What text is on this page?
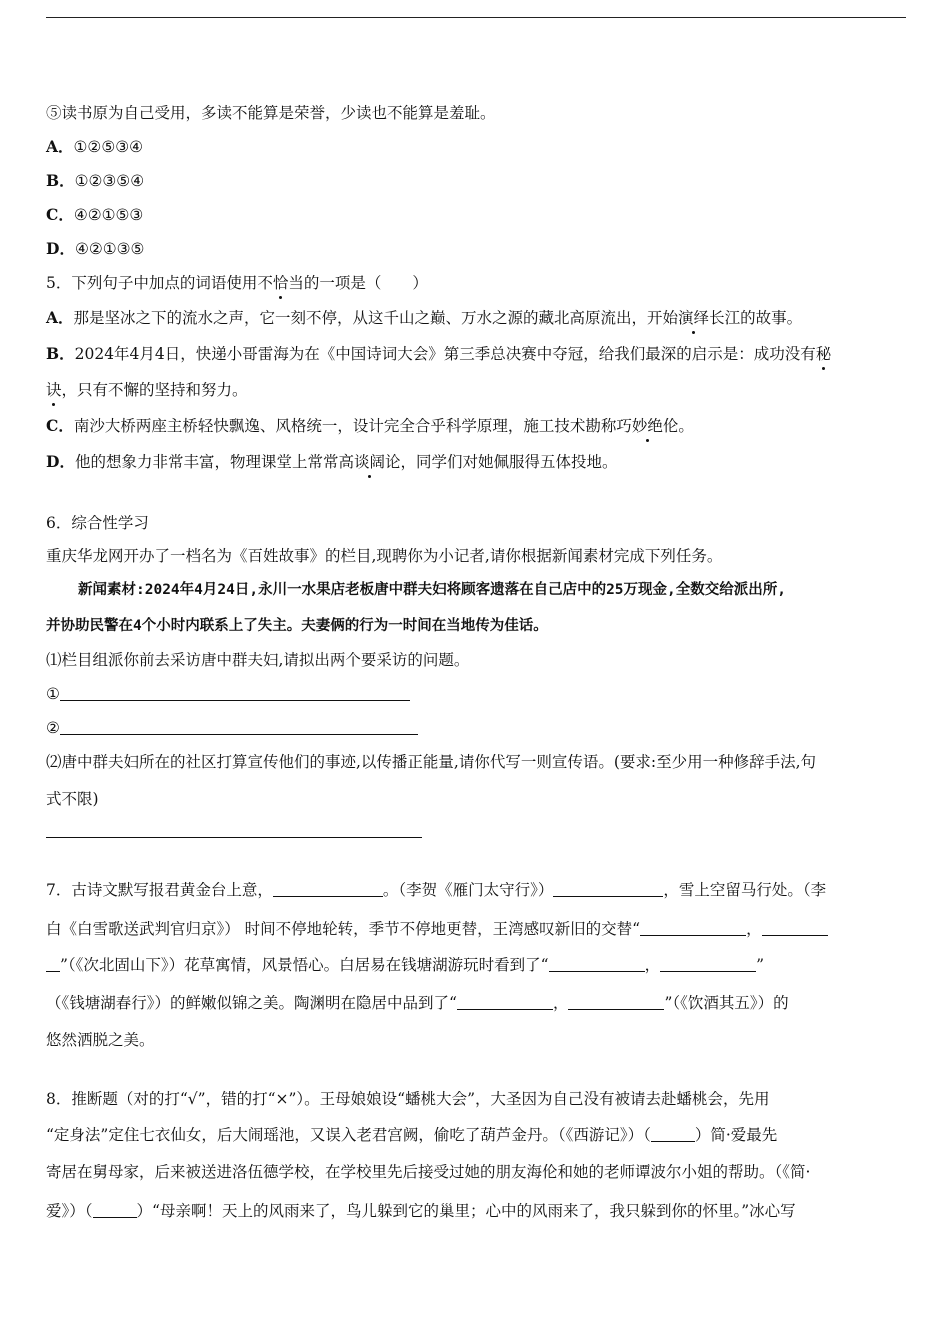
⑤读书原为自己受用，多读不能算是荣誉，少读也不能算是羞耻。
A．①②⑤③④
B．①②③⑤④
C．④②①⑤③
D．④②①③⑤
5．下列句子中加点的词语使用不恰当的一项是（　　）
A．那是坚冰之下的流水之声，它一刻不停，从这千山之巅、万水之源的藏北高原流出，开始演绎长江的故事。
B．2024年4月4日，快递小哥雷海为在《中国诗词大会》第三季总决赛中夺冠，给我们最深的启示是：成功没有秘
诀，只有不懈的坚持和努力。
C．南沙大桥两座主桥轻快飘逸、风格统一，设计完全合乎科学原理，施工技术勘称巧妙绝伦。
D．他的想象力非常丰富，物理课堂上常常高谈阔论，同学们对她佩服得五体投地。
6．综合性学习
重庆华龙网开办了一档名为《百姓故事》的栏目,现聘你为小记者,请你根据新闻素材完成下列任务。
新闻素材:2024年4月24日,永川一水果店老板唐中群夫妇将顾客遗落在自己店中的25万现金,全数交给派出所,
并协助民警在4个小时内联系上了失主。夫妻俩的行为一时间在当地传为佳话。
⑴栏目组派你前去采访唐中群夫妇,请拟出两个要采访的问题。
①
②
⑵唐中群夫妇所在的社区打算宣传他们的事迹,以传播正能量,请你代写一则宣传语。(要求:至少用一种修辞手法,句
式不限)
7．古诗文默写报君黄金台上意，	。（李贺《雁门太守行》）	，雪上空留马行处。（李
白《白雪歌送武判官归京》） 时间不停地轮转，季节不停地更替，王湾感叹新旧的交替“	，
”（《次北固山下》）花草寓情，风景悟心。白居易在钱塘湖游玩时看到了“	，	”
（《钱塘湖春行》）的鲜嫩似锦之美。陶渊明在隐居中品到了“	，	”（《饮酒其五》）的
悠然洒脱之美。
8．推断题（对的打“√”，错的打“×”）。王母娘娘设“蟠桃大会”，大圣因为自己没有被请去赴蟠桃会，先用
“定身法”定住七衣仙女，后大闹瑶池，又误入老君宫阙，偷吃了葫芦金丹。（《西游记》）（	）简·爱最先
寄居在舅母家，后来被送进洛伍德学校，在学校里先后接受过她的朋友海伦和她的老师谭波尔小姐的帮助。（《简·
爱》）（	）“母亲啊！天上的风雨来了，鸟儿躲到它的巢里；心中的风雨来了，我只躲到你的怀里。”冰心写
